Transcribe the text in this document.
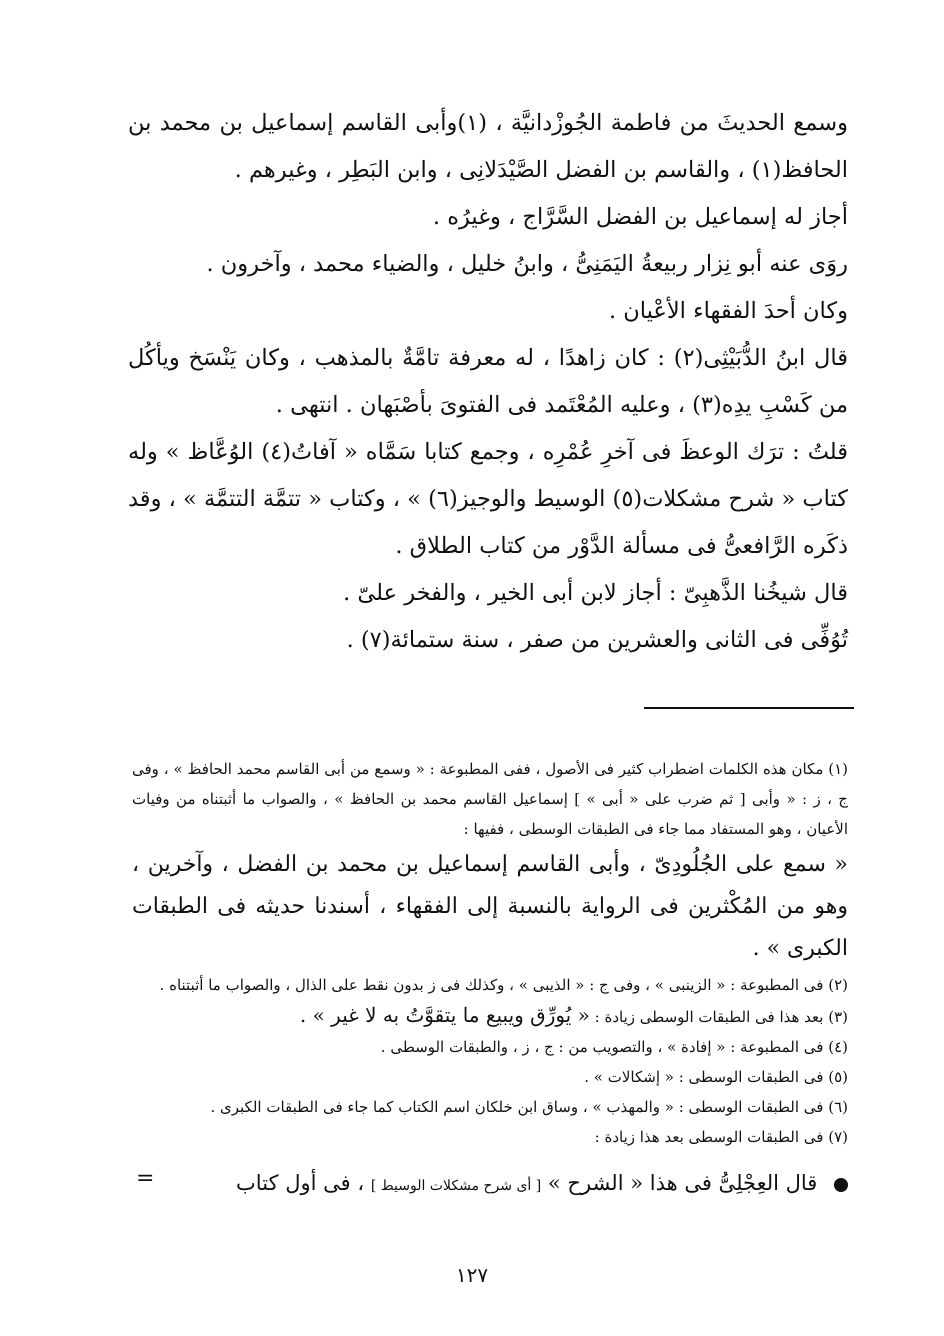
وسمع الحديثَ من فاطمة الجُوزْدانيَّة ، (١)وأبى القاسم إسماعيل بن محمد بن الحافظ(١) ، والقاسم بن الفضل الصَّيْدَلانِى ، وابن البَطِر ، وغيرهم .

أجاز له إسماعيل بن الفضل السَّرَّاج ، وغيرُه .

روَى عنه أبو نِزار ربيعةُ اليَمَنِىُّ ، وابنُ خليل ، والضياء محمد ، وآخرون .

وكان أحدَ الفقهاء الأعْيان .

قال ابنُ الدُّبَيْثِى(٢) : كان زاهدًا ، له معرفة تامَّةٌ بالمذهب ، وكان يَنْسَخ ويأكُل من كَسْبِ يدِه(٣) ، وعليه المُعْتَمد فى الفتوىَ بأصْبَهان . انتهى .

قلتُ : ترَك الوعظَ فى آخرِ عُمْرِه ، وجمع كتابا سَمَّاه « آفاتُ(٤) الوُعَّاظ » وله كتاب « شرح مشكلات(٥) الوسيط والوجيز(٦) » ، وكتاب « تتمَّة التتمَّة » ، وقد ذكَره الرَّافعىُّ فى مسألة الدَّوْر من كتاب الطلاق .

قال شيخُنا الذَّهبِىّ : أجاز لابن أبى الخير ، والفخر علىّ .

تُوُفِّى فى الثانى والعشرين من صفر ، سنة ستمائة(٧) .

(١) مكان هذه الكلمات اضطراب كثير فى الأصول ، ففى المطبوعة : « وسمع من أبى القاسم محمد الحافظ » ، وفى ج ، ز : « وأبى [ ثم ضرب على « أبى » ] إسماعيل القاسم محمد بن الحافظ » ، والصواب ما أثبتناه من وفيات الأعيان ، وهو المستفاد مما جاء فى الطبقات الوسطى ، ففيها :

« سمع على الجُلُودِىّ ، وأبى القاسم إسماعيل بن محمد بن الفضل ، وآخرين ، وهو من المُكْثرين فى الرواية بالنسبة إلى الفقهاء ، أسندنا حديثه فى الطبقات الكبرى » .

(٢) فى المطبوعة : « الزينبى » ، وفى ج : « الذيبى » ، وكذلك فى ز بدون نقط على الذال ، والصواب ما أثبتناه .

(٣) بعد هذا فى الطبقات الوسطى زيادة : « يُورِّق ويبيع ما يتقوَّتُ به لا غير » .

(٤) فى المطبوعة : « إفادة » ، والتصويب من : ج ، ز ، والطبقات الوسطى .

(٥) فى الطبقات الوسطى : « إشكالات » .

(٦) فى الطبقات الوسطى : « والمهذب » ، وساق ابن خلكان اسم الكتاب كما جاء فى الطبقات الكبرى .

(٧) فى الطبقات الوسطى بعد هذا زيادة :

قال العِجْلِىُّ فى هذا « الشرح » [ أى شرح مشكلات الوسيط ] ، فى أول كتاب
=
١٢٧
